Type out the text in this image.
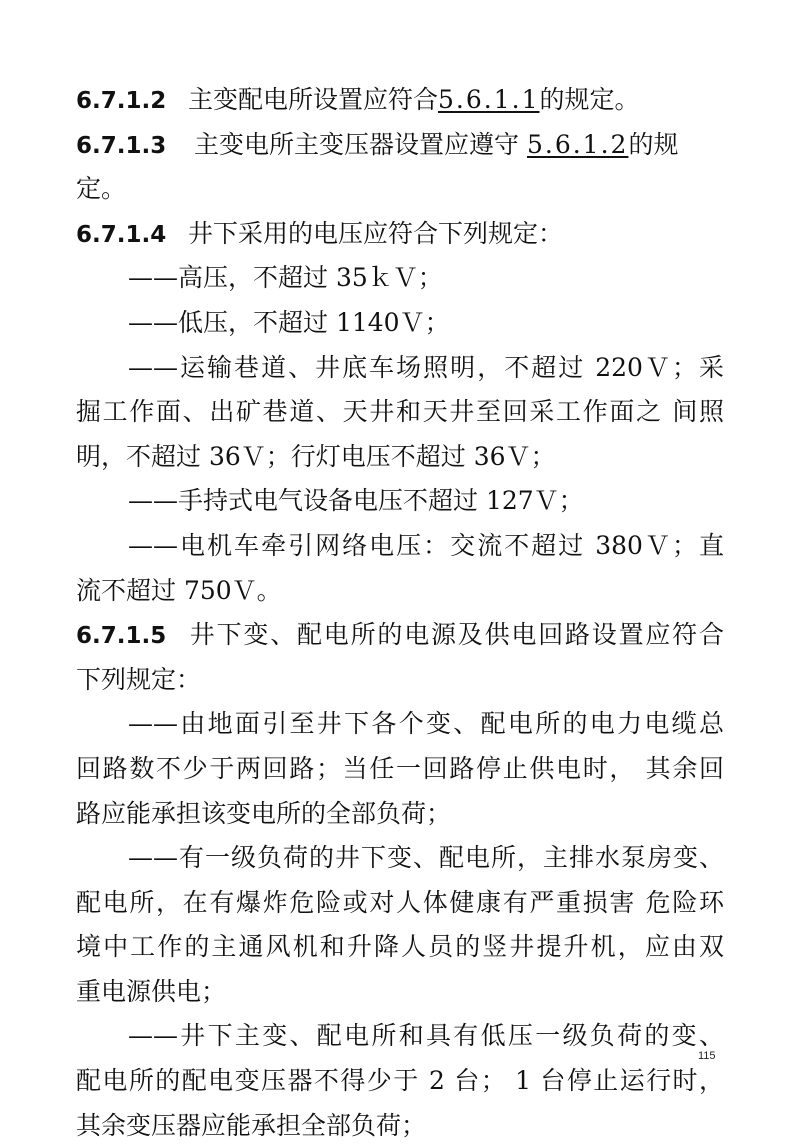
6.7.1.2 主变配电所设置应符合5.6.1.1的规定。
6.7.1.3 主变电所主变压器设置应遵守 5.6.1.2的规
定。
6.7.1.4 井下采用的电压应符合下列规定：
——高压，不超过 35ｋＶ；
——低压，不超过 1140Ｖ；
——运输巷道、井底车场照明，不超过 220Ｖ；采
掘工作面、出矿巷道、天井和天井至回采工作面之 间照
明，不超过 36Ｖ；行灯电压不超过 36Ｖ；
——手持式电气设备电压不超过 127Ｖ；
——电机车牵引网络电压：交流不超过 380Ｖ；直
流不超过 750Ｖ。
6.7.1.5 井下变、配电所的电源及供电回路设置应符合
下列规定：
——由地面引至井下各个变、配电所的电力电缆总
回路数不少于两回路；当任一回路停止供电时， 其余回
路应能承担该变电所的全部负荷；
——有一级负荷的井下变、配电所，主排水泵房变、
配电所，在有爆炸危险或对人体健康有严重损害 危险环
境中工作的主通风机和升降人员的竖井提升机，应由双
重电源供电；
——井下主变、配电所和具有低压一级负荷的变、
配电所的配电变压器不得少于 2 台； 1 台停止运行时，
其余变压器应能承担全部负荷；
115
